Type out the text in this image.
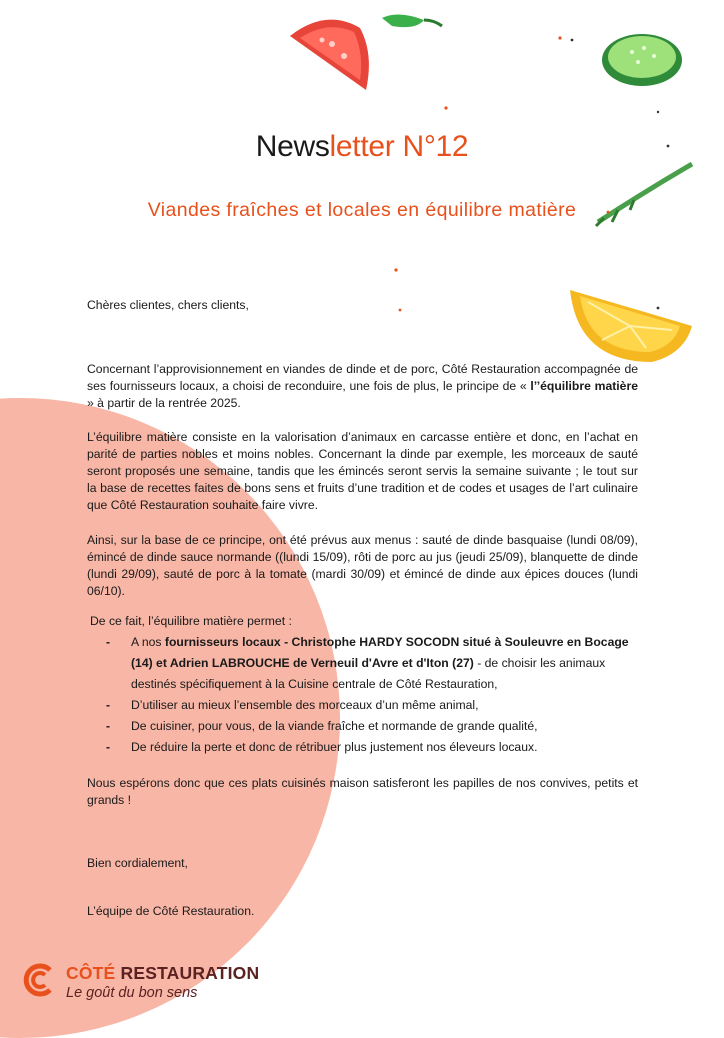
Newsletter N°12
Viandes fraîches et locales en équilibre matière

Chères clientes, chers clients,

Concernant l’approvisionnement en viandes de dinde et de porc, Côté Restauration accompagnée de ses fournisseurs locaux, a choisi de reconduire, une fois de plus, le principe de « l’’équilibre matière » à partir de la rentrée 2025.

L’équilibre matière consiste en la valorisation d’animaux en carcasse entière et donc, en l’achat en parité de parties nobles et moins nobles. Concernant la dinde par exemple, les morceaux de sauté seront proposés une semaine, tandis que les émincés seront servis la semaine suivante ; le tout sur la base de recettes faites de bons sens et fruits d’une tradition et de codes et usages de l’art culinaire que Côté Restauration souhaite faire vivre.

Ainsi, sur la base de ce principe, ont été prévus aux menus : sauté de dinde basquaise (lundi 08/09), émincé de dinde sauce normande ((lundi 15/09), rôti de porc au jus (jeudi 25/09), blanquette de dinde (lundi 29/09), sauté de porc à la tomate (mardi 30/09) et émincé de dinde aux épices douces (lundi 06/10).

De ce fait, l’équilibre matière permet :

- A nos fournisseurs locaux - Christophe HARDY SOCODN situé à Souleuvre en Bocage (14) et Adrien LABROUCHE de Verneuil d'Avre et d'Iton (27) - de choisir les animaux destinés spécifiquement à la Cuisine centrale de Côté Restauration,
- D’utiliser au mieux l’ensemble des morceaux d’un même animal,
- De cuisiner, pour vous, de la viande fraîche et normande de grande qualité,
- De réduire la perte et donc de rétribuer plus justement nos éleveurs locaux.

Nous espérons donc que ces plats cuisinés maison satisferont les papilles de nos convives, petits et grands !

Bien cordialement,

L’équipe de Côté Restauration.

CÔTÉ RESTAURATION
Le goût du bon sens
